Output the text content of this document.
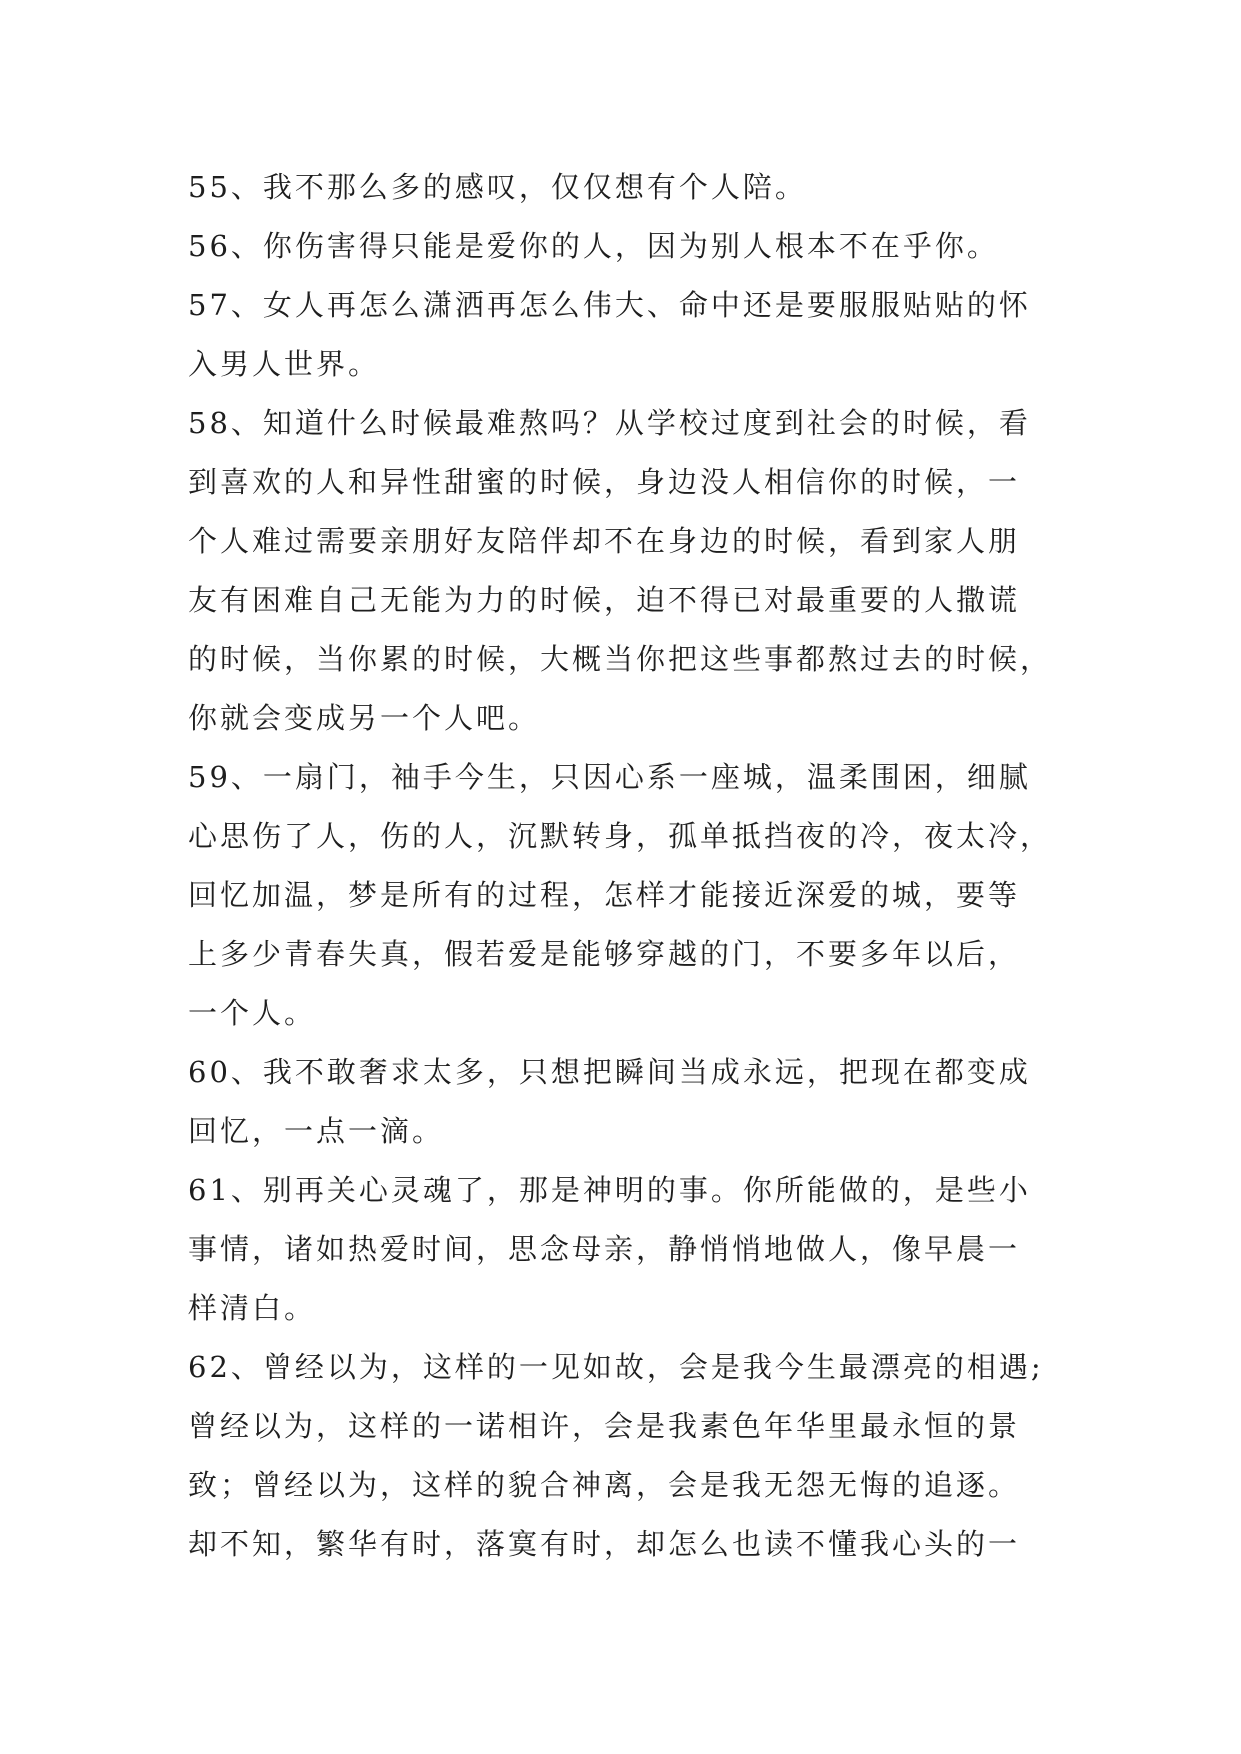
55、我不那么多的感叹，仅仅想有个人陪。
56、你伤害得只能是爱你的人，因为别人根本不在乎你。
57、女人再怎么潇洒再怎么伟大、命中还是要服服贴贴的怀
入男人世界。
58、知道什么时候最难熬吗？从学校过度到社会的时候，看
到喜欢的人和异性甜蜜的时候，身边没人相信你的时候，一
个人难过需要亲朋好友陪伴却不在身边的时候，看到家人朋
友有困难自己无能为力的时候，迫不得已对最重要的人撒谎
的时候，当你累的时候，大概当你把这些事都熬过去的时候，
你就会变成另一个人吧。
59、一扇门，袖手今生，只因心系一座城，温柔围困，细腻
心思伤了人，伤的人，沉默转身，孤单抵挡夜的冷，夜太冷，
回忆加温，梦是所有的过程，怎样才能接近深爱的城，要等
上多少青春失真，假若爱是能够穿越的门，不要多年以后，
一个人。
60、我不敢奢求太多，只想把瞬间当成永远，把现在都变成
回忆，一点一滴。
61、别再关心灵魂了，那是神明的事。你所能做的，是些小
事情，诸如热爱时间，思念母亲，静悄悄地做人，像早晨一
样清白。
62、曾经以为，这样的一见如故，会是我今生最漂亮的相遇;
曾经以为，这样的一诺相许，会是我素色年华里最永恒的景
致；曾经以为，这样的貌合神离，会是我无怨无悔的追逐。
却不知，繁华有时，落寞有时，却怎么也读不懂我心头的一
